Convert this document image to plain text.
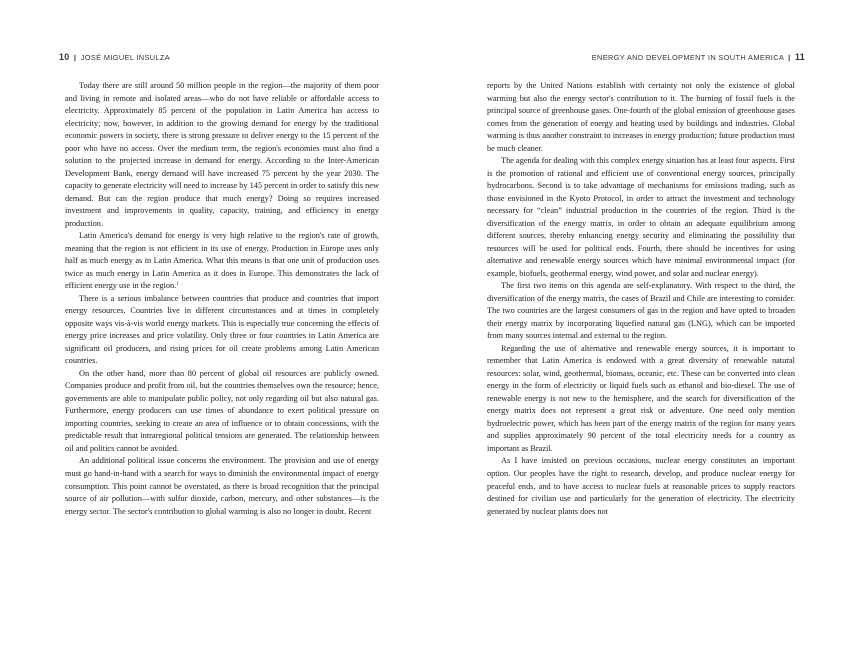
10 | JOSÉ MIGUEL INSULZA

Today there are still around 50 million people in the region—the majority of them poor and living in remote and isolated areas—who do not have reliable or affordable access to electricity. Approximately 85 percent of the population in Latin America has access to electricity; now, however, in addition to the growing demand for energy by the traditional economic powers in society, there is strong pressure to deliver energy to the 15 percent of the poor who have no access. Over the medium term, the region's economies must also find a solution to the projected increase in demand for energy. According to the Inter-American Development Bank, energy demand will have increased 75 percent by the year 2030. The capacity to generate electricity will need to increase by 145 percent in order to satisfy this new demand. But can the region produce that much energy? Doing so requires increased investment and improvements in quality, capacity, training, and efficiency in energy production.

Latin America's demand for energy is very high relative to the region's rate of growth, meaning that the region is not efficient in its use of energy. Production in Europe uses only half as much energy as in Latin America. What this means is that one unit of production uses twice as much energy in Latin America as it does in Europe. This demonstrates the lack of efficient energy use in the region.$^1$

There is a serious imbalance between countries that produce and countries that import energy resources. Countries live in different circumstances and at times in completely opposite ways vis-à-vis world energy markets. This is especially true concerning the effects of energy price increases and price volatility. Only three or four countries in Latin America are significant oil producers, and rising prices for oil create problems among Latin American countries.

On the other hand, more than 80 percent of global oil resources are publicly owned. Companies produce and profit from oil, but the countries themselves own the resource; hence, governments are able to manipulate public policy, not only regarding oil but also natural gas. Furthermore, energy producers can use times of abundance to exert political pressure on importing countries, seeking to create an area of influence or to obtain concessions, with the predictable result that intraregional political tensions are generated. The relationship between oil and politics cannot be avoided.

An additional political issue concerns the environment. The provision and use of energy must go hand-in-hand with a search for ways to diminish the environmental impact of energy consumption. This point cannot be overstated, as there is broad recognition that the principal source of air pollution—with sulfur dioxide, carbon, mercury, and other substances—is the energy sector. The sector's contribution to global warming is also no longer in doubt. Recent

ENERGY AND DEVELOPMENT IN SOUTH AMERICA | 11

reports by the United Nations establish with certainty not only the existence of global warming but also the energy sector's contribution to it. The burning of fossil fuels is the principal source of greenhouse gases. One-fourth of the global emission of greenhouse gases comes from the generation of energy and heating used by buildings and industries. Global warming is thus another constraint to increases in energy production; future production must be much cleaner.

The agenda for dealing with this complex energy situation has at least four aspects. First is the promotion of rational and efficient use of conventional energy sources, principally hydrocarbons. Second is to take advantage of mechanisms for emissions trading, such as those envisioned in the Kyoto Protocol, in order to attract the investment and technology necessary for “clean” industrial production in the countries of the region. Third is the diversification of the energy matrix, in order to obtain an adequate equilibrium among different sources, thereby enhancing energy security and eliminating the possibility that resources will be used for political ends. Fourth, there should be incentives for using alternative and renewable energy sources which have minimal environmental impact (for example, biofuels, geothermal energy, wind power, and solar and nuclear energy).

The first two items on this agenda are self-explanatory. With respect to the third, the diversification of the energy matrix, the cases of Brazil and Chile are interesting to consider. The two countries are the largest consumers of gas in the region and have opted to broaden their energy matrix by incorporating liquefied natural gas (LNG), which can be imported from many sources internal and external to the region.

Regarding the use of alternative and renewable energy sources, it is important to remember that Latin America is endowed with a great diversity of renewable natural resources: solar, wind, geothermal, biomass, oceanic, etc. These can be converted into clean energy in the form of electricity or liquid fuels such as ethanol and bio-diesel. The use of renewable energy is not new to the hemisphere, and the search for diversification of the energy matrix does not represent a great risk or adventure. One need only mention hydroelectric power, which has been part of the energy matrix of the region for many years and supplies approximately 90 percent of the total electricity needs for a country as important as Brazil.

As I have insisted on previous occasions, nuclear energy constitutes an important option. Our peoples have the right to research, develop, and produce nuclear energy for peaceful ends, and to have access to nuclear fuels at reasonable prices to supply reactors destined for civilian use and particularly for the generation of electricity. The electricity generated by nuclear plants does not
